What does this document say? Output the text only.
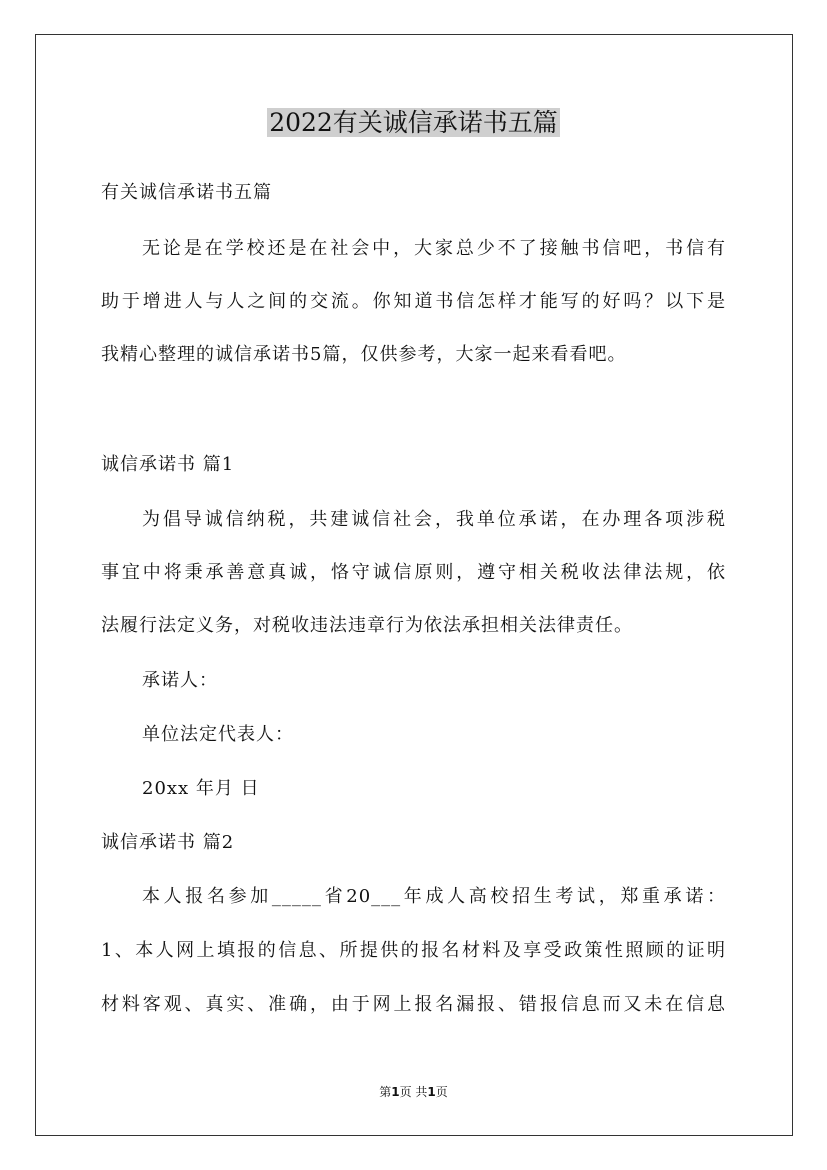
2022有关诚信承诺书五篇
有关诚信承诺书五篇
无论是在学校还是在社会中，大家总少不了接触书信吧，书信有
助于增进人与人之间的交流。你知道书信怎样才能写的好吗？以下是
我精心整理的诚信承诺书5篇，仅供参考，大家一起来看看吧。
诚信承诺书 篇1
为倡导诚信纳税，共建诚信社会，我单位承诺，在办理各项涉税
事宜中将秉承善意真诚，恪守诚信原则，遵守相关税收法律法规，依
法履行法定义务，对税收违法违章行为依法承担相关法律责任。
承诺人：
单位法定代表人：
20xx 年月 日
诚信承诺书 篇2
本人报名参加_____省20___年成人高校招生考试，郑重承诺：
1、本人网上填报的信息、所提供的报名材料及享受政策性照顾的证明
材料客观、真实、准确，由于网上报名漏报、错报信息而又未在信息
第1页 共1页
